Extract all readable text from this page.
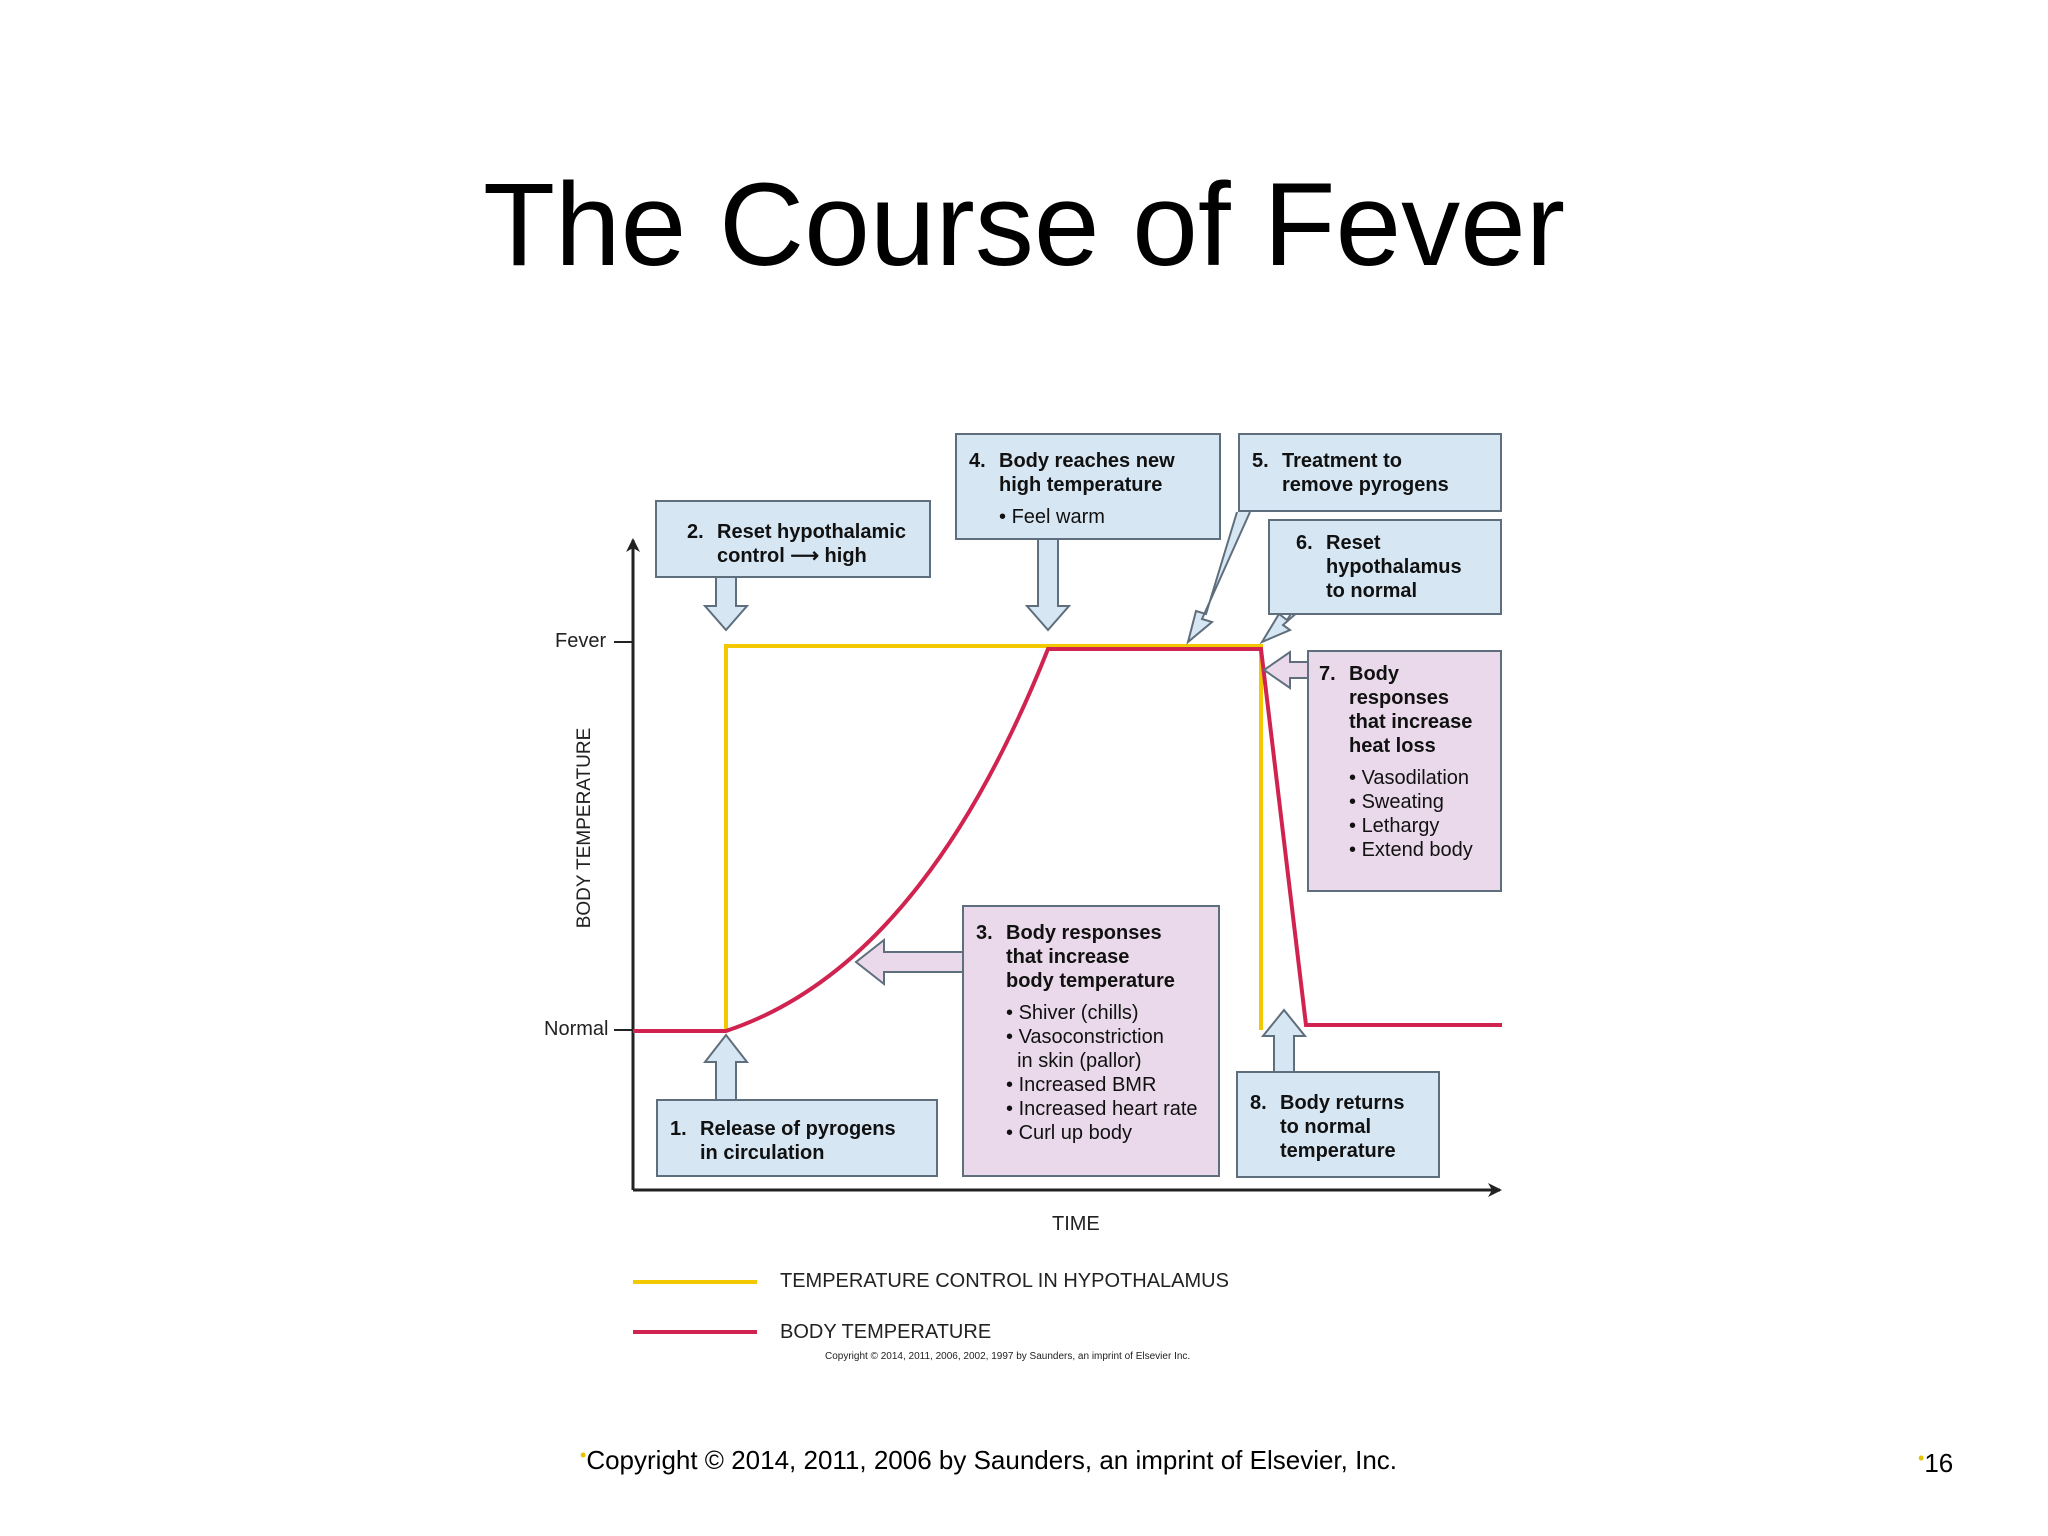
The Course of Fever
Fever
Normal
BODY TEMPERATURE
TIME
TEMPERATURE CONTROL IN HYPOTHALAMUS
BODY TEMPERATURE
Copyright © 2014, 2011, 2006, 2002, 1997 by Saunders, an imprint of Elsevier Inc.
1. Release of pyrogens
in circulation
2. Reset hypothalamic
control ⟶ high
3. Body responses
that increase
body temperature
• Shiver (chills)
• Vasoconstriction
in skin (pallor)
• Increased BMR
• Increased heart rate
• Curl up body
4. Body reaches new
high temperature
• Feel warm
5. Treatment to
remove pyrogens
6. Reset
hypothalamus
to normal
7. Body
responses
that increase
heat loss
• Vasodilation
• Sweating
• Lethargy
• Extend body
8. Body returns
to normal
temperature
•Copyright © 2014, 2011, 2006 by Saunders, an imprint of Elsevier, Inc.	•16
